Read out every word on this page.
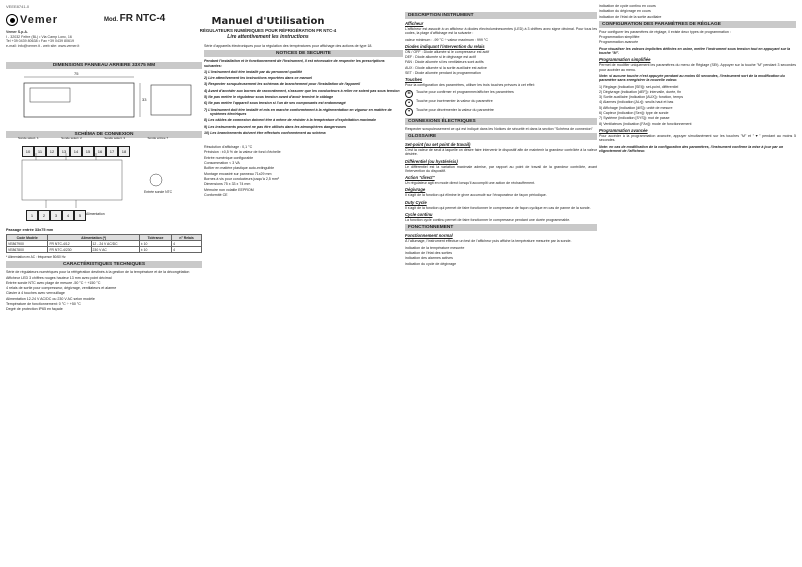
VEEE8741-0
Vemer
Vemer S.p.A.
I - 32032 Feltre (BL) • Via Camp Lonc, 16
Tel +39 0439 80638 • Fax +39 0439 80619
e-mail: info@vemer.it - web site: www.vemer.it
Mod. FR NTC-4	Manuel d'Utilisation
RÉGULATEURS NUMÉRIQUES POUR RÉFRIGÉRATION FR NTC-4
Lire attentivement les instructions
DIMENSIONS PANNEAU ARRIERE 33X75 MM
75
33
SCHÉMA DE CONNEXION
10	11	12	13	14	15	16	17	18
Sonde sélect. 1	Sonde sélect. 2	Sonde sélect. 3	Sonde entrée 7
1	2	3	4	5	Alimentation
Entrée sonde NTC
Passage entrée 33x75 mm
Code Modèle	Alimentation (*)		Tolérance	n° Relais
VE867900	FR NTC-4/12	12 - 24 V AC/DC	± 10	4
VE867800	FR NTC-4/230	230 V AC	± 10	4
* Alimentation en AC : fréquence 50/60 Hz
CARACTÉRISTIQUES TECHNIQUES
Série de régulateurs numériques pour la réfrigération destinés à la gestion de la température et de la décongélation
Afficheur LED 3 chiffres rouges hauteur 13 mm avec point décimal
Entrée sonde NTC avec plage de mesure -50 °C ÷ +150 °C
4 relais de sortie pour compresseur, dégivrage, ventilateurs et alarme
Clavier à 4 touches avec verrouillage
Alimentation 12-24 V AC/DC ou 230 V AC selon modèle
Température de fonctionnement: 0 °C ÷ +50 °C
Degré de protection IP65 en façade
Série d'appareils électroniques pour la régulation des températures pour affichage des actions de type 18.
NOTICES DE SECURITE
Pendant l'installation et le fonctionnement de l'instrument, il est nécessaire de respecter les prescriptions suivantes:
1) L'instrument doit être installé par du personnel qualifié
2) Lire attentivement les instructions reportées dans ce manuel
3) Respecter scrupuleusement les schémas de branchement pour l'installation de l'appareil
4) Avant d'accéder aux bornes de raccordement, s'assurer que les conducteurs à relier ne soient pas sous tension
5) Ne pas mettre le régulateur sous tension avant d'avoir terminé le câblage
6) Ne pas mettre l'appareil sous tension si l'un de ses composants est endommagé
7) L'instrument doit être installé et mis en marche conformément à la réglementation en vigueur en matière de systèmes électriques
8) Les câbles de connexion doivent être à même de résister à la température d'exploitation maximale
9) Les instruments peuvent ne pas être utilisés dans les atmosphères dangereuses
10) Les branchements doivent être effectués conformément au schéma
Résolution d'affichage : 0,1 °C
Précision : ±0,5 % de la valeur de fond d'échelle
Entrée numérique configurable
Consommation < 3 VA
Boîtier en matière plastique auto-extinguible
Montage encastré sur panneau 71x29 mm
Bornes à vis pour conducteurs jusqu'à 2,5 mm²
Dimensions 75 x 33 x 74 mm
Mémoire non volatile EEPROM
Conformité CE
DESCRIPTION INSTRUMENT
Afficheur
L'afficheur est associé à un afficheur à diodes électroluminescentes (LED) à 3 chiffres avec signe décimal. Pour tous les codes, la plage d'affichage est la suivante :
valeur minimum : -99 °C ÷ valeur maximum : 999 °C
Diodes indiquant l'intervention du relais
ON / OFF : Diode allumée si le compresseur est actif
DEF : Diode allumée si le dégivrage est actif
FAN : Diode allumée si les ventilateurs sont actifs
AUX : Diode allumée si la sortie auxiliaire est active
SET : Diode allumée pendant la programmation
Touches
Pour la configuration des paramètres, utiliser les trois touches prévues à cet effet:
M	Touche pour confirmer et programmer/afficher les paramètres
▲	Touche pour incrémenter la valeur du paramètre
▼	Touche pour décrémenter la valeur du paramètre
CONNEXIONS ÉLECTRIQUES
Respecter scrupuleusement ce qui est indiqué dans les Notices de sécurité et dans la section "Schéma de connexion"
GLOSSAIRE
Set-point (ou set point de travail)
C'est la valeur de seuil à laquelle on désire faire intervenir le dispositif afin de maintenir la grandeur contrôlée à la valeur désirée.
Différentiel (ou hystérésis)
Le différentiel est la variation maximale admise, par rapport au point de travail de la grandeur contrôlée, avant l'intervention du dispositif.
Action "direct"
Un régulateur agit en mode direct lorsqu'il accomplit une action de réchauffement.
Dégivrage
Il s'agit de la fonction qui élimine le givre accumulé sur l'évaporateur de façon périodique.
Duty Cycle
Il s'agit de la fonction qui permet de faire fonctionner le compresseur de façon cyclique en cas de panne de la sonde.
Cycle continu
La fonction cycle continu permet de faire fonctionner le compresseur pendant une durée programmable.
FONCTIONNEMENT
Fonctionnement normal
À l'allumage, l'instrument effectue un test de l'afficheur puis affiche la température mesurée par la sonde.
indication de la température mesurée
indication de l'état des sorties
indication des alarmes actives
indication du cycle de dégivrage
indication de cycle continu en cours
indication du dégivrage en cours
indication de l'état de la sortie auxiliaire
CONFIGURATION DES PARAMÈTRES DE RÉGLAGE
Pour configurer les paramètres de réglage, il existe deux types de programmation :
Programmation simplifiée
Programmation avancée
Pour visualiser les valeurs implicites définies en usine, mettre l'instrument sous tension tout en appuyant sur la touche "M".
Programmation simplifiée
Permet de modifier uniquement les paramètres du menu de Réglage (SEt). Appuyer sur la touche "M" pendant 3 secondes pour accéder au menu.
Note: si aucune touche n'est appuyée pendant au moins 60 secondes, l'instrument sort de la modification du paramètre sans enregistrer la nouvelle valeur.
1) Réglage (indication [SEt]): set-point, différentiel
2) Dégivrage (indication [dEF]): intervalle, durée, fin
3) Sortie auxiliaire (indication [AUX]): fonction, temps
4) Alarmes (indication [ALr]): seuils haut et bas
5) Affichage (indication [diS]): unité de mesure
6) Capteur (indication [Sen]): type de sonde
7) Système (indication [SYS]): mot de passe
8) Ventilateurs (indication [FAn]): mode de fonctionnement
Programmation avancée
Pour accéder à la programmation avancée, appuyer simultanément sur les touches "M" et "▼" pendant au moins 5 secondes.
Note: en cas de modification de la configuration des paramètres, l'instrument confirme la mise à jour par un clignotement de l'afficheur.
